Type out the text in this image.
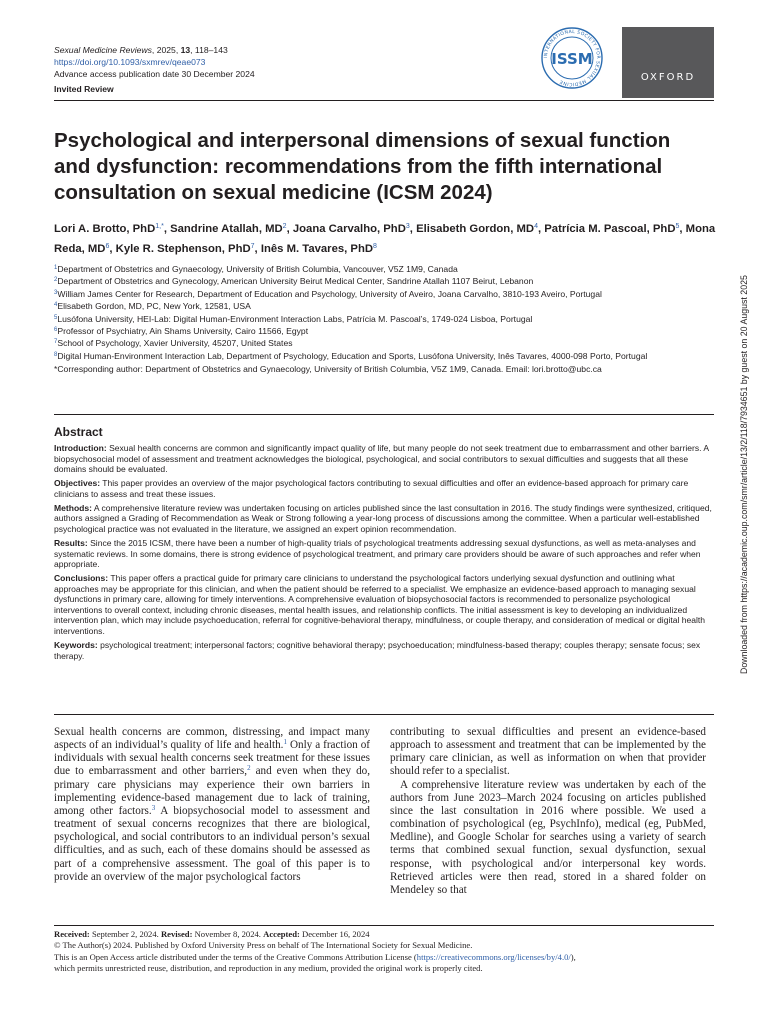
Sexual Medicine Reviews, 2025, 13, 118–143
https://doi.org/10.1093/sxmrev/qeae073
Advance access publication date 30 December 2024
Invited Review
INTERNATIONAL SOCIETY FOR SEXUAL MEDICINE
ISSM
OXFORD
Psychological and interpersonal dimensions of sexual function and dysfunction: recommendations from the fifth international consultation on sexual medicine (ICSM 2024)
Lori A. Brotto, PhD$^{1,*}$, Sandrine Atallah, $MD^2$, Joana Carvalho, PhD$^3$, Elisabeth Gordon, $MD^4$, Patrícia M. Pascoal, PhD$^5$, Mona Reda, $MD^6$, Kyle R. Stephenson, PhD$^7$, Inês M. Tavares, PhD$^8$
$^1$Department of Obstetrics and Gynaecology, University of British Columbia, Vancouver, V5Z 1M9, Canada
$^2$Department of Obstetrics and Gynecology, American University Beirut Medical Center, Sandrine Atallah 1107 Beirut, Lebanon
$^3$William James Center for Research, Department of Education and Psychology, University of Aveiro, Joana Carvalho, 3810-193 Aveiro, Portugal
$^4$Elisabeth Gordon, MD, PC, New York, 12581, USA
$^5$Lusófona University, HEI-Lab: Digital Human-Environment Interaction Labs, Patrícia M. Pascoal’s, 1749-024 Lisboa, Portugal
$^6$Professor of Psychiatry, Ain Shams University, Cairo 11566, Egypt
$^7$School of Psychology, Xavier University, 45207, United States
$^8$Digital Human-Environment Interaction Lab, Department of Psychology, Education and Sports, Lusófona University, Inês Tavares, 4000-098 Porto, Portugal
*Corresponding author: Department of Obstetrics and Gynaecology, University of British Columbia, V5Z 1M9, Canada. Email: lori.brotto@ubc.ca
Abstract

Introduction: Sexual health concerns are common and significantly impact quality of life, but many people do not seek treatment due to embarrassment and other barriers. A biopsychosocial model of assessment and treatment acknowledges the biological, psychological, and social contributors to sexual difficulties and suggests that all these domains should be evaluated.

Objectives: This paper provides an overview of the major psychological factors contributing to sexual difficulties and offer an evidence-based approach for primary care clinicians to assess and treat these issues.

Methods: A comprehensive literature review was undertaken focusing on articles published since the last consultation in 2016. The study findings were synthesized, critiqued, authors assigned a Grading of Recommendation as Weak or Strong following a year-long process of discussions among the committee. When a particular well-established psychological practice was not evaluated in the literature, we assigned an expert opinion recommendation.

Results: Since the 2015 ICSM, there have been a number of high-quality trials of psychological treatments addressing sexual dysfunctions, as well as meta-analyses and systematic reviews. In some domains, there is strong evidence of psychological treatment, and primary care providers should be aware of such approaches and refer when appropriate.

Conclusions: This paper offers a practical guide for primary care clinicians to understand the psychological factors underlying sexual dysfunction and outlining what approaches may be appropriate for this clinician, and when the patient should be referred to a specialist. We emphasize an evidence-based approach to managing sexual dysfunctions in primary care, allowing for timely interventions. A comprehensive evaluation of biopsychosocial factors is recommended to personalize psychological interventions to overall context, including chronic diseases, mental health issues, and relationship conflicts. The initial assessment is key to developing an individualized intervention plan, which may include psychoeducation, referral for cognitive-behavioral therapy, mindfulness, or couple therapy, and consideration of medical or digital health interventions.

Keywords: psychological treatment; interpersonal factors; cognitive behavioral therapy; psychoeducation; mindfulness-based therapy; couples therapy; sensate focus; sex therapy.

Sexual health concerns are common, distressing, and impact many aspects of an individual’s quality of life and health.$^1$ Only a fraction of individuals with sexual health concerns seek treatment for these issues due to embarrassment and other barriers,$^2$ and even when they do, primary care physicians may experience their own barriers in implementing evidence-based management due to lack of training, among other factors.$^3$ A biopsychosocial model to assessment and treatment of sexual concerns recognizes that there are biological, psychological, and social contributors to an individual person’s sexual difficulties, and as such, each of these domains should be assessed as part of a comprehensive assessment. The goal of this paper is to provide an overview of the major psychological factors

contributing to sexual difficulties and present an evidence-based approach to assessment and treatment that can be implemented by the primary care clinician, as well as information on when that provider should refer to a specialist.

A comprehensive literature review was undertaken by each of the authors from June 2023–March 2024 focusing on articles published since the last consultation in 2016 where possible. We used a combination of psychological (eg, PsychInfo), medical (eg, PubMed, Medline), and Google Scholar for searches using a variety of search terms that combined sexual function, sexual dysfunction, sexual response, with psychological and/or interpersonal key words. Retrieved articles were then read, stored in a shared folder on Mendeley so that

Received: September 2, 2024. Revised: November 8, 2024. Accepted: December 16, 2024
© The Author(s) 2024. Published by Oxford University Press on behalf of The International Society for Sexual Medicine.
This is an Open Access article distributed under the terms of the Creative Commons Attribution License (https://creativecommons.org/licenses/by/4.0/),
which permits unrestricted reuse, distribution, and reproduction in any medium, provided the original work is properly cited.
Downloaded from https://academic.oup.com/smr/article/13/2/118/7934651 by guest on 20 August 2025
